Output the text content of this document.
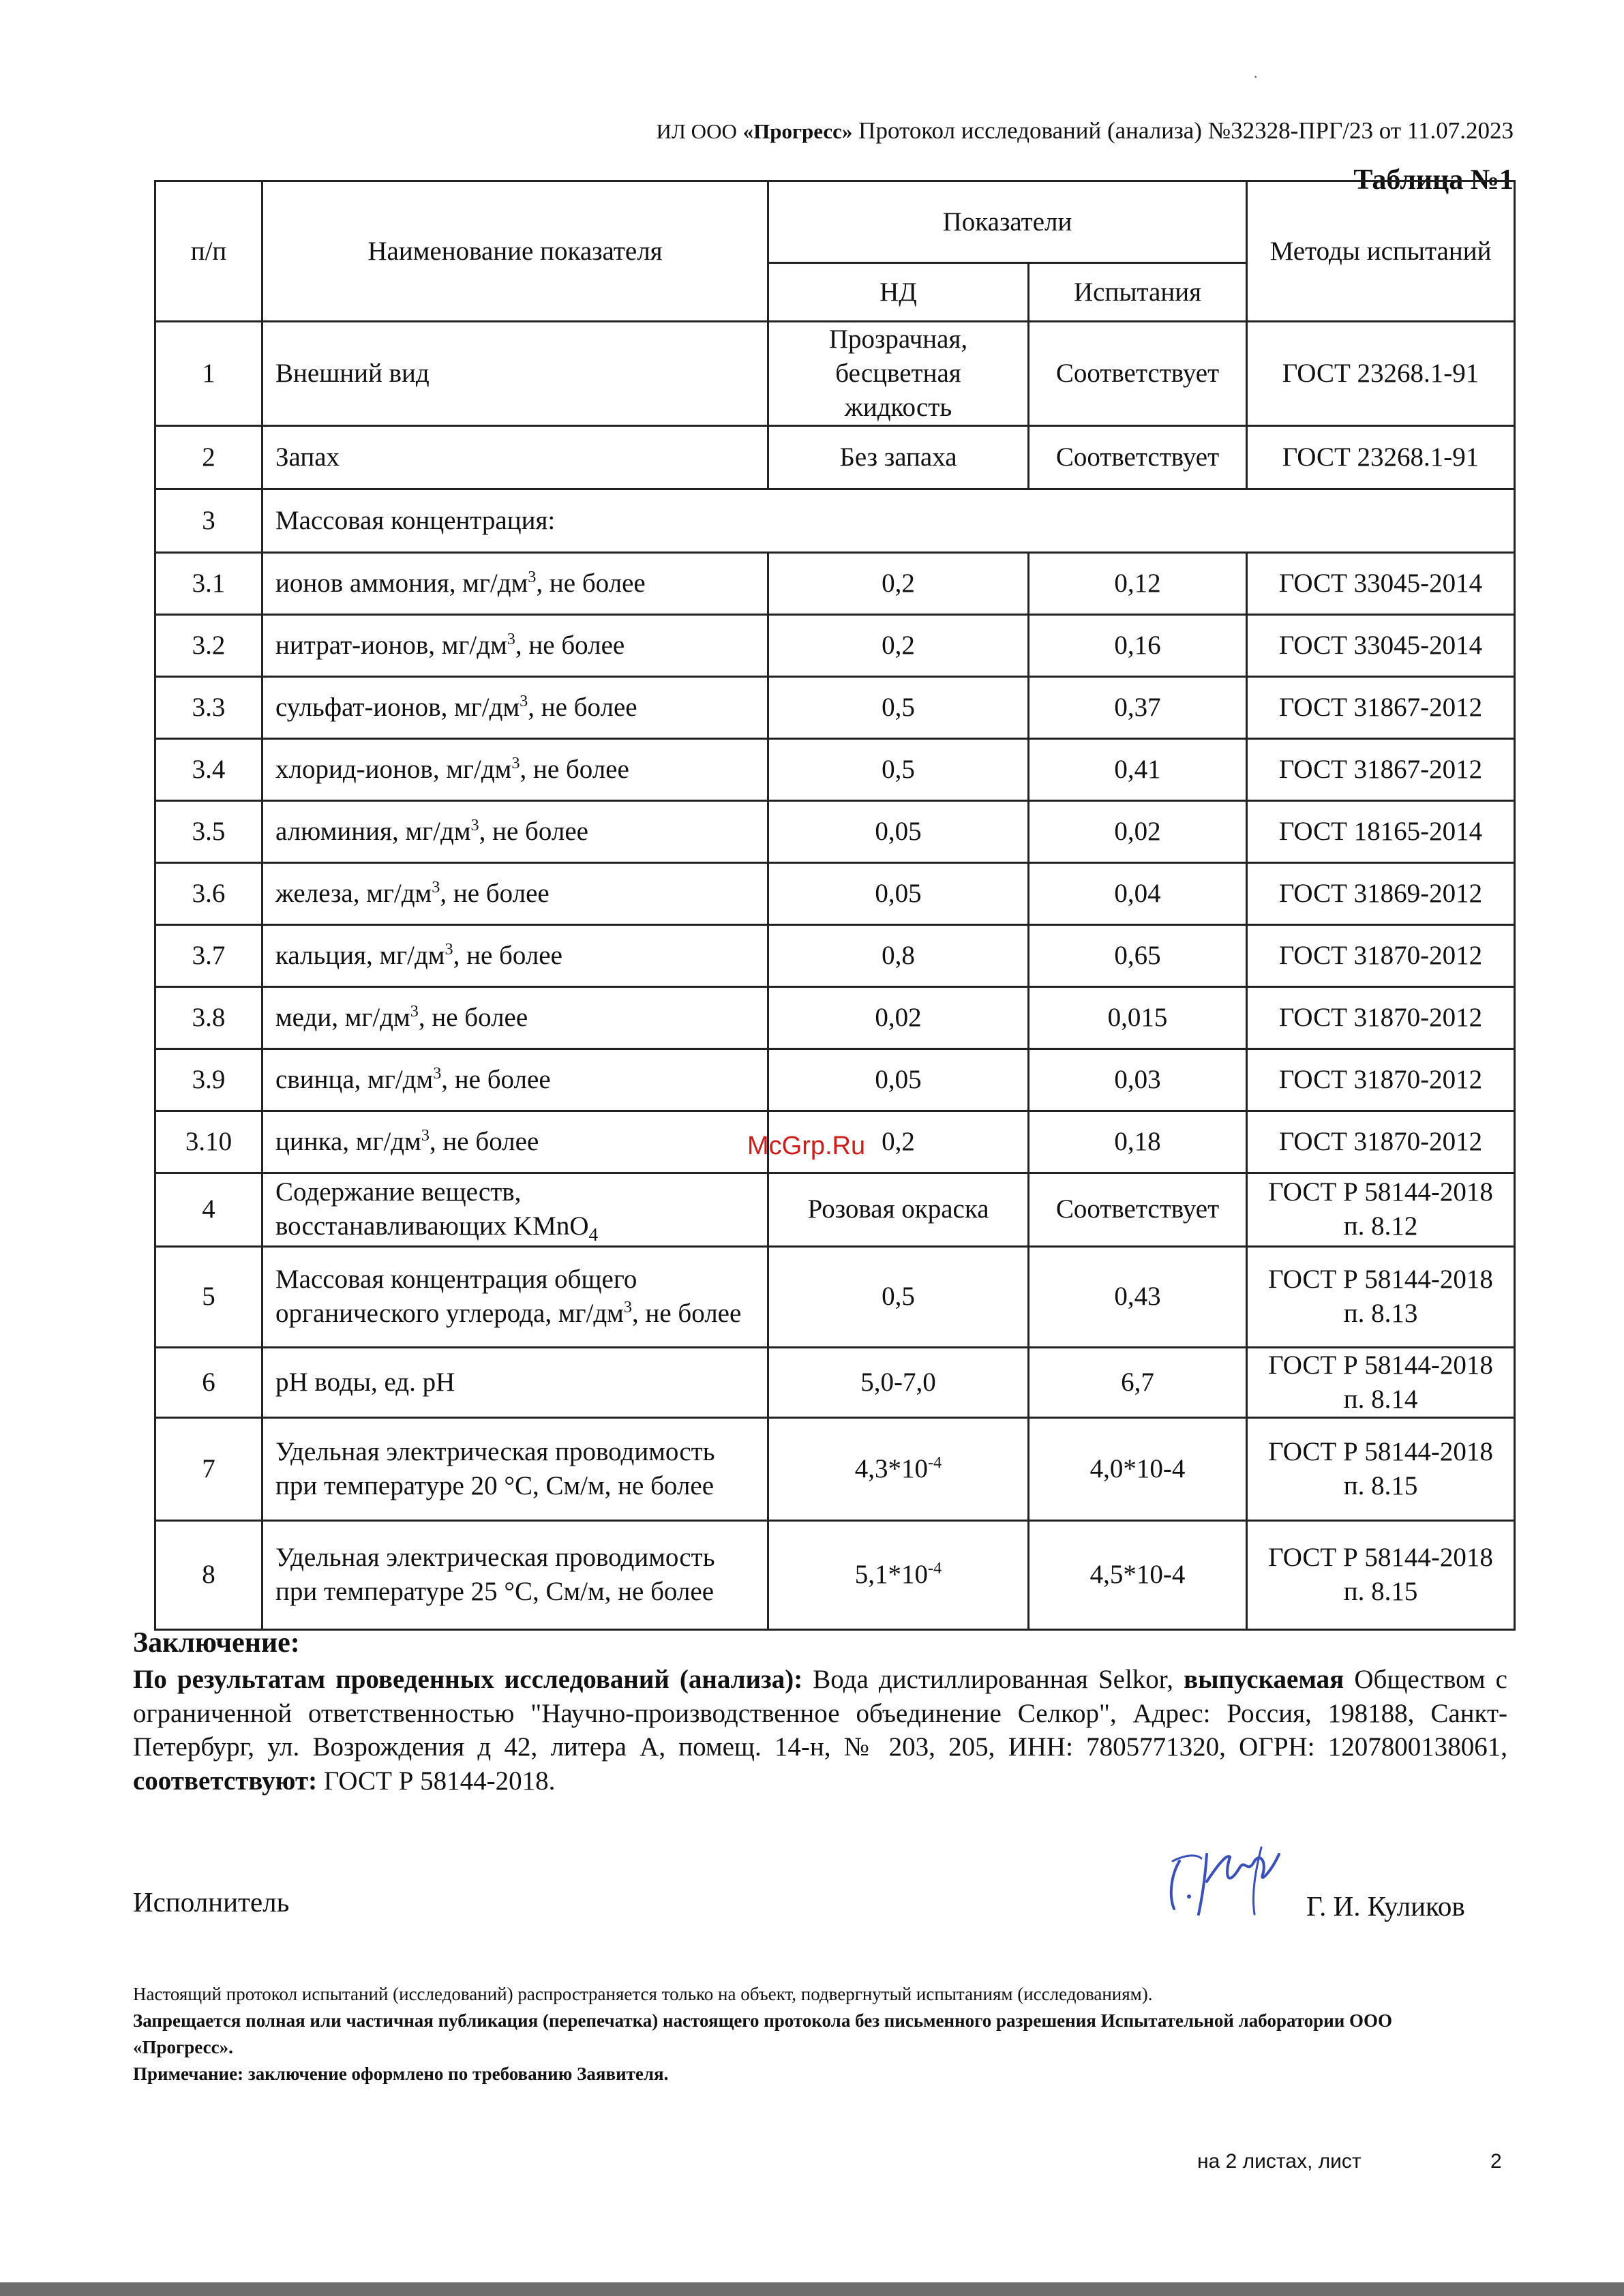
·
ИЛ ООО «Прогресс» Протокол исследований (анализа) №32328-ПРГ/23 от 11.07.2023
Таблица №1
п/п	Наименование показателя	Показатели		Методы испытаний
		НД	Испытания	
1	Внешний вид	Прозрачная, бесцветная жидкость	Соответствует	ГОСТ 23268.1-91
2	Запах	Без запаха	Соответствует	ГОСТ 23268.1-91
3	Массовая концентрация:			
3.1	ионов аммония, $мг/дм^3$, не более	0,2	0,12	ГОСТ 33045-2014
3.2	нитрат-ионов, $мг/дм^3$, не более	0,2	0,16	ГОСТ 33045-2014
3.3	сульфат-ионов, $мг/дм^3$, не более	0,5	0,37	ГОСТ 31867-2012
3.4	хлорид-ионов, $мг/дм^3$, не более	0,5	0,41	ГОСТ 31867-2012
3.5	алюминия, $мг/дм^3$, не более	0,05	0,02	ГОСТ 18165-2014
3.6	железа, $мг/дм^3$, не более	0,05	0,04	ГОСТ 31869-2012
3.7	кальция, $мг/дм^3$, не более	0,8	0,65	ГОСТ 31870-2012
3.8	меди, $мг/дм^3$, не более	0,02	0,015	ГОСТ 31870-2012
3.9	свинца, $мг/дм^3$, не более	0,05	0,03	ГОСТ 31870-2012
3.10	цинка, $мг/дм^3$, не более	0,2	0,18	ГОСТ 31870-2012
4	Содержание веществ, восстанавливающих KMnO$_4$	Розовая окраска	Соответствует	ГОСТ Р 58144-2018 п. 8.12
5	Массовая концентрация общего органического углерода, $мг/дм^3$, не более	0,5	0,43	ГОСТ Р 58144-2018 п. 8.13
6	pH воды, ед. pH	5,0-7,0	6,7	ГОСТ Р 58144-2018 п. 8.14
7	Удельная электрическая проводимость при температуре 20 °С, См/м, не более	$4,3*10^{-4}$	4,0*10-4	ГОСТ Р 58144-2018 п. 8.15
8	Удельная электрическая проводимость при температуре 25 °С, См/м, не более	$5,1*10^{-4}$	4,5*10-4	ГОСТ Р 58144-2018 п. 8.15
McGrp.Ru
Заключение:
По результатам проведенных исследований (анализа): Вода дистиллированная Selkor, выпускаемая Обществом с ограниченной ответственностью "Научно-производственное объединение Селкор", Адрес: Россия, 198188, Санкт-Петербург, ул. Возрождения д 42, литера А, помещ. 14-н, № 203, 205, ИНН: 7805771320, ОГРН: 1207800138061, соответствуют: ГОСТ Р 58144-2018.
Исполнитель	Г. И. Куликов
Настоящий протокол испытаний (исследований) распространяется только на объект, подвергнутый испытаниям (исследованиям).
Запрещается полная или частичная публикация (перепечатка) настоящего протокола без письменного разрешения Испытательной лаборатории ООО «Прогресс».
Примечание: заключение оформлено по требованию Заявителя.
на 2 листах, лист	2
